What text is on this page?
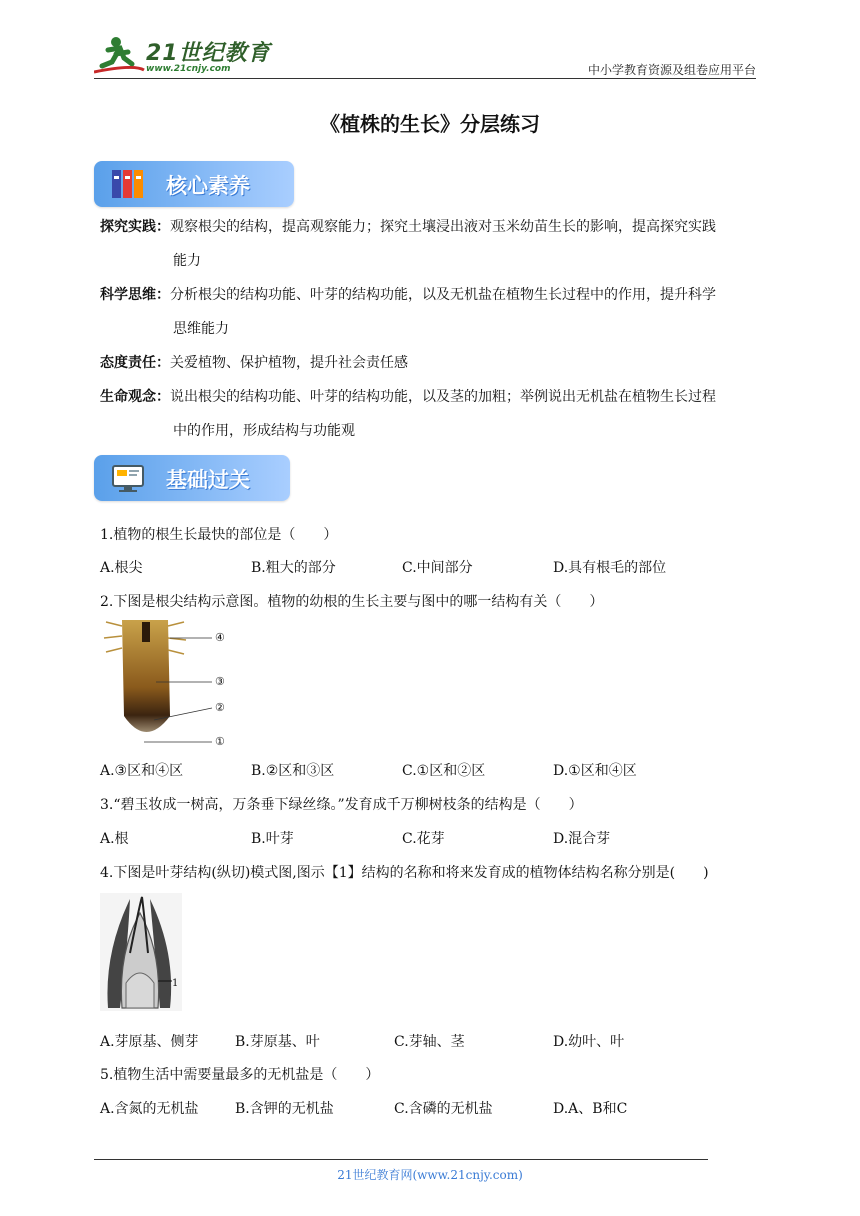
21世纪教育
www.21cnjy.com	中小学教育资源及组卷应用平台
《植株的生长》分层练习
核心素养
探究实践：观察根尖的结构，提高观察能力；探究土壤浸出液对玉米幼苗生长的影响，提高探究实践
能力
科学思维：分析根尖的结构功能、叶芽的结构功能，以及无机盐在植物生长过程中的作用，提升科学
思维能力
态度责任：关爱植物、保护植物，提升社会责任感
生命观念：说出根尖的结构功能、叶芽的结构功能，以及茎的加粗；举例说出无机盐在植物生长过程
中的作用，形成结构与功能观
基础过关
1.植物的根生长最快的部位是（　　）
A.根尖	B.粗大的部分	C.中间部分	D.具有根毛的部位
2.下图是根尖结构示意图。植物的幼根的生长主要与图中的哪一结构有关（　　）
④
③
②
①
A.③区和④区	B.②区和③区	C.①区和②区	D.①区和④区
3.“碧玉妆成一树高，万条垂下绿丝绦。”发育成千万柳树枝条的结构是（　　）
A.根	B.叶芽	C.花芽	D.混合芽
4.下图是叶芽结构(纵切)模式图,图示【1】结构的名称和将来发育成的植物体结构名称分别是(　　)
1
A.芽原基、侧芽	B.芽原基、叶	C.芽轴、茎	D.幼叶、叶
5.植物生活中需要量最多的无机盐是（　　）
A.含氮的无机盐	B.含钾的无机盐	C.含磷的无机盐	D.A、B和C
21世纪教育网(www.21cnjy.com)
